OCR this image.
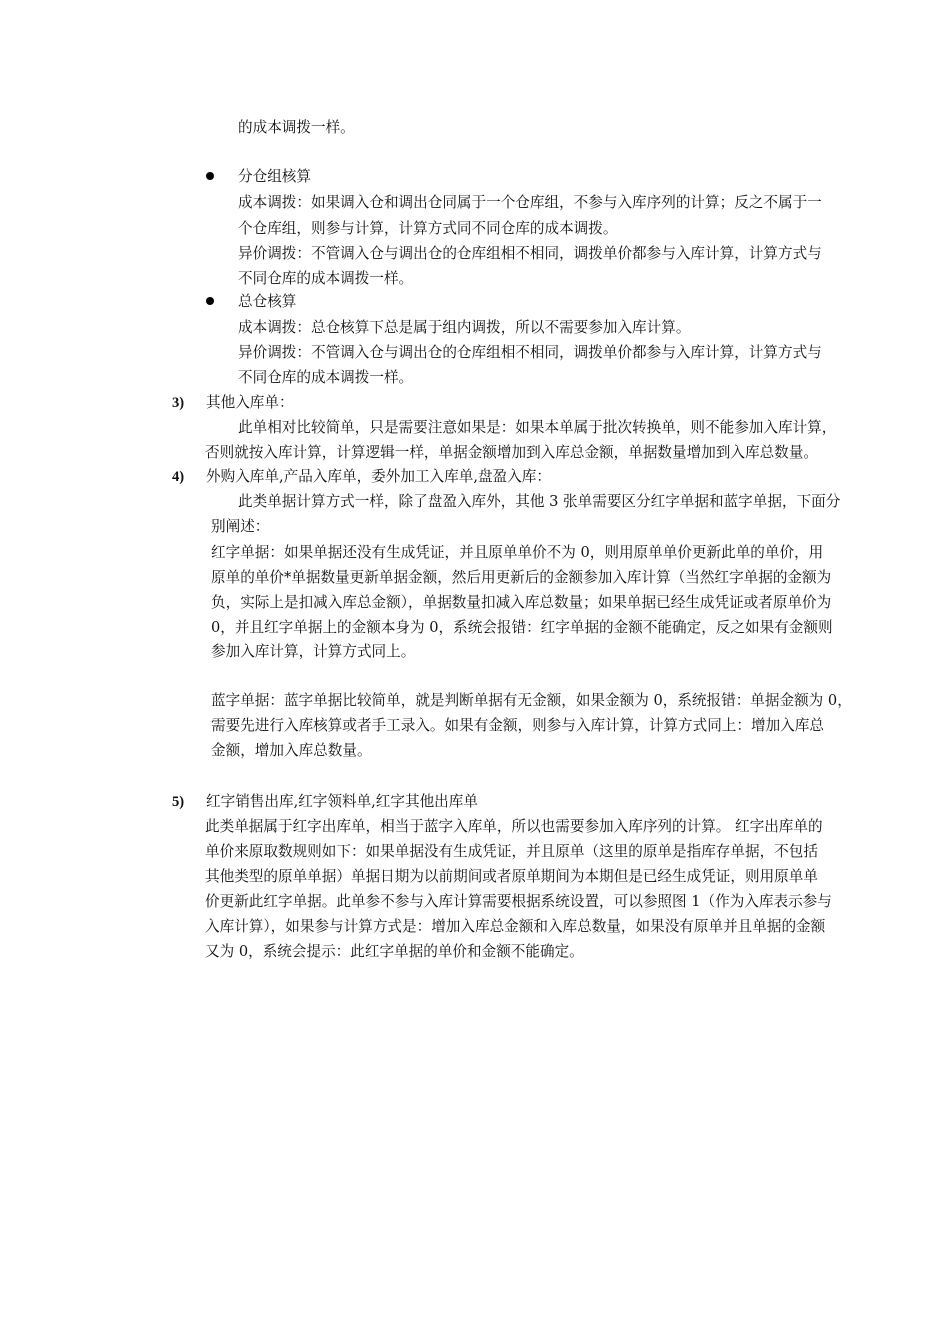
的成本调拨一样。
分仓组核算
成本调拨：如果调入仓和调出仓同属于一个仓库组，不参与入库序列的计算；反之不属于一
个仓库组，则参与计算，计算方式同不同仓库的成本调拨。
异价调拨：不管调入仓与调出仓的仓库组相不相同，调拨单价都参与入库计算，计算方式与
不同仓库的成本调拨一样。
总仓核算
成本调拨：总仓核算下总是属于组内调拨，所以不需要参加入库计算。
异价调拨：不管调入仓与调出仓的仓库组相不相同，调拨单价都参与入库计算，计算方式与
不同仓库的成本调拨一样。
3) 其他入库单：
此单相对比较简单，只是需要注意如果是：如果本单属于批次转换单，则不能参加入库计算，
否则就按入库计算，计算逻辑一样，单据金额增加到入库总金额，单据数量增加到入库总数量。
4) 外购入库单,产品入库单，委外加工入库单,盘盈入库：
此类单据计算方式一样，除了盘盈入库外，其他 3 张单需要区分红字单据和蓝字单据，下面分
别阐述：
红字单据：如果单据还没有生成凭证，并且原单单价不为 0，则用原单单价更新此单的单价，用
原单的单价*单据数量更新单据金额，然后用更新后的金额参加入库计算（当然红字单据的金额为
负，实际上是扣减入库总金额），单据数量扣减入库总数量；如果单据已经生成凭证或者原单价为
0，并且红字单据上的金额本身为 0，系统会报错：红字单据的金额不能确定，反之如果有金额则
参加入库计算，计算方式同上。
蓝字单据：蓝字单据比较简单，就是判断单据有无金额，如果金额为 0，系统报错：单据金额为 0，
需要先进行入库核算或者手工录入。如果有金额，则参与入库计算，计算方式同上：增加入库总
金额，增加入库总数量。
5) 红字销售出库,红字领料单,红字其他出库单
此类单据属于红字出库单，相当于蓝字入库单，所以也需要参加入库序列的计算。 红字出库单的
单价来原取数规则如下：如果单据没有生成凭证，并且原单（这里的原单是指库存单据，不包括
其他类型的原单单据）单据日期为以前期间或者原单期间为本期但是已经生成凭证，则用原单单
价更新此红字单据。此单参不参与入库计算需要根据系统设置，可以参照图 1（作为入库表示参与
入库计算），如果参与计算方式是：增加入库总金额和入库总数量，如果没有原单并且单据的金额
又为 0，系统会提示：此红字单据的单价和金额不能确定。
